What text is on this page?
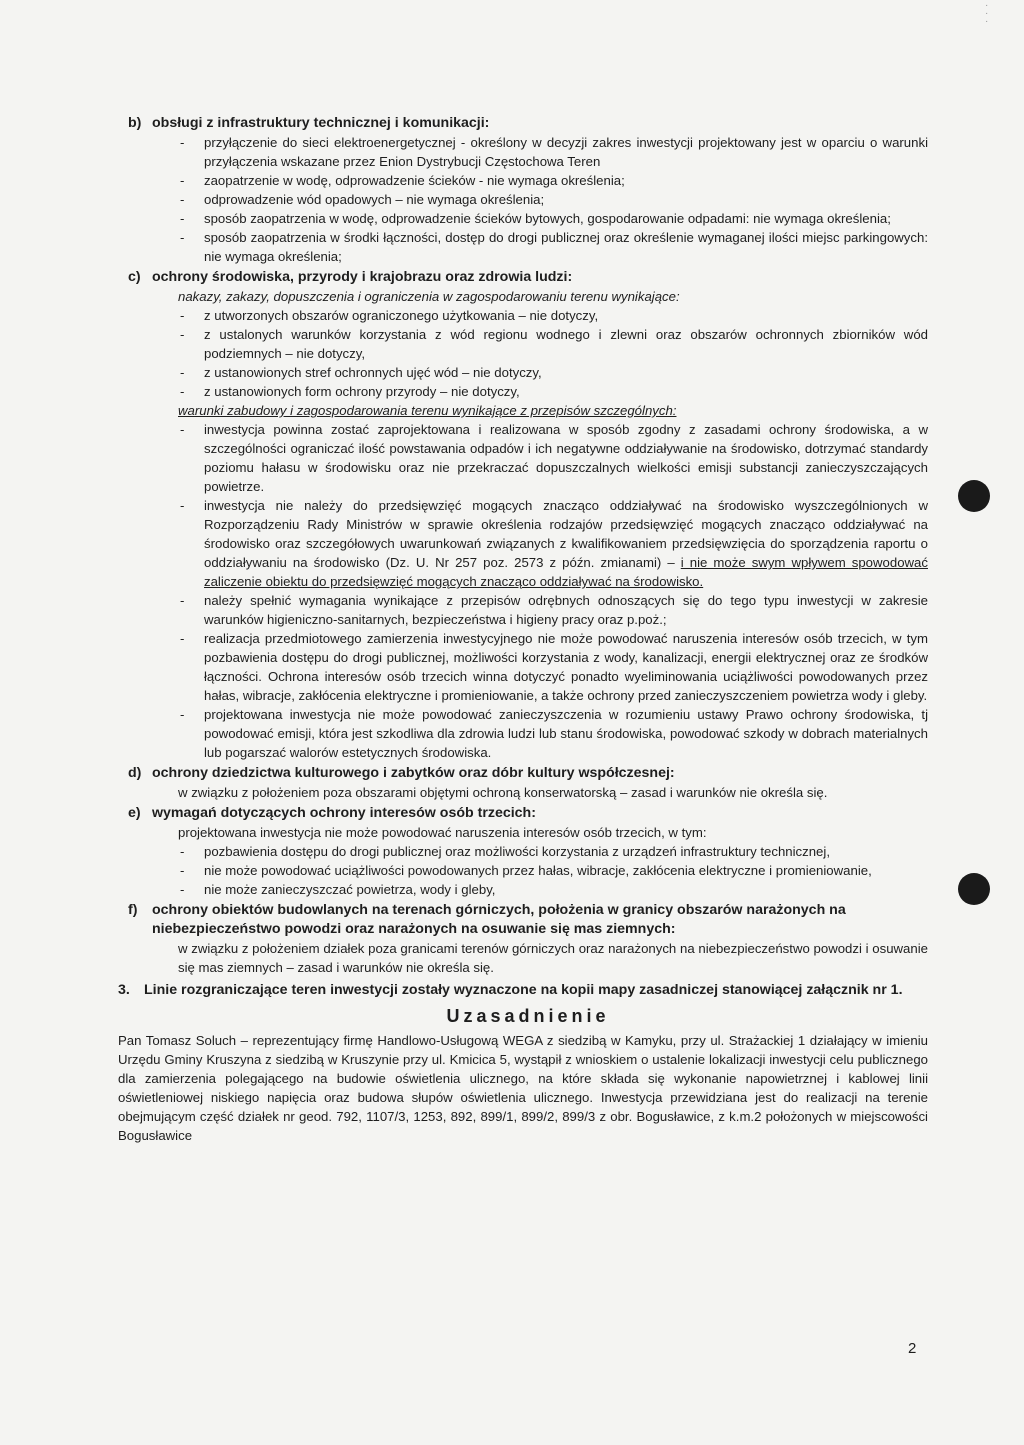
·
·
·
b) obsługi z infrastruktury technicznej i komunikacji:
- przyłączenie do sieci elektroenergetycznej - określony w decyzji zakres inwestycji projektowany jest w oparciu o warunki przyłączenia wskazane przez Enion Dystrybucji Częstochowa Teren
- zaopatrzenie w wodę, odprowadzenie ścieków - nie wymaga określenia;
- odprowadzenie wód opadowych – nie wymaga określenia;
- sposób zaopatrzenia w wodę, odprowadzenie ścieków bytowych, gospodarowanie odpadami: nie wymaga określenia;
- sposób zaopatrzenia w środki łączności, dostęp do drogi publicznej oraz określenie wymaganej ilości miejsc parkingowych: nie wymaga określenia;
c) ochrony środowiska, przyrody i krajobrazu oraz zdrowia ludzi:

nakazy, zakazy, dopuszczenia i ograniczenia w zagospodarowaniu terenu wynikające:

- z utworzonych obszarów ograniczonego użytkowania – nie dotyczy,
- z ustalonych warunków korzystania z wód regionu wodnego i zlewni oraz obszarów ochronnych zbiorników wód podziemnych – nie dotyczy,
- z ustanowionych stref ochronnych ujęć wód – nie dotyczy,
- z ustanowionych form ochrony przyrody – nie dotyczy,

warunki zabudowy i zagospodarowania terenu wynikające z przepisów szczególnych:

- inwestycja powinna zostać zaprojektowana i realizowana w sposób zgodny z zasadami ochrony środowiska, a w szczególności ograniczać ilość powstawania odpadów i ich negatywne oddziaływanie na środowisko, dotrzymać standardy poziomu hałasu w środowisku oraz nie przekraczać dopuszczalnych wielkości emisji substancji zanieczyszczających powietrze.
- inwestycja nie należy do przedsięwzięć mogących znacząco oddziaływać na środowisko wyszczególnionych w Rozporządzeniu Rady Ministrów w sprawie określenia rodzajów przedsięwzięć mogących znacząco oddziaływać na środowisko oraz szczegółowych uwarunkowań związanych z kwalifikowaniem przedsięwzięcia do sporządzenia raportu o oddziaływaniu na środowisko (Dz. U. Nr 257 poz. 2573 z późn. zmianami) – i nie może swym wpływem spowodować zaliczenie obiektu do przedsięwzięć mogących znacząco oddziaływać na środowisko.
- należy spełnić wymagania wynikające z przepisów odrębnych odnoszących się do tego typu inwestycji w zakresie warunków higieniczno-sanitarnych, bezpieczeństwa i higieny pracy oraz p.poż.;
- realizacja przedmiotowego zamierzenia inwestycyjnego nie może powodować naruszenia interesów osób trzecich, w tym pozbawienia dostępu do drogi publicznej, możliwości korzystania z wody, kanalizacji, energii elektrycznej oraz ze środków łączności. Ochrona interesów osób trzecich winna dotyczyć ponadto wyeliminowania uciążliwości powodowanych przez hałas, wibracje, zakłócenia elektryczne i promieniowanie, a także ochrony przed zanieczyszczeniem powietrza wody i gleby.
- projektowana inwestycja nie może powodować zanieczyszczenia w rozumieniu ustawy Prawo ochrony środowiska, tj powodować emisji, która jest szkodliwa dla zdrowia ludzi lub stanu środowiska, powodować szkody w dobrach materialnych lub pogarszać walorów estetycznych środowiska.
d) ochrony dziedzictwa kulturowego i zabytków oraz dóbr kultury współczesnej:

w związku z położeniem poza obszarami objętymi ochroną konserwatorską – zasad i warunków nie określa się.

e) wymagań dotyczących ochrony interesów osób trzecich:

projektowana inwestycja nie może powodować naruszenia interesów osób trzecich, w tym:

- pozbawienia dostępu do drogi publicznej oraz możliwości korzystania z urządzeń infrastruktury technicznej,
- nie może powodować uciążliwości powodowanych przez hałas, wibracje, zakłócenia elektryczne i promieniowanie,
- nie może zanieczyszczać powietrza, wody i gleby,
f)	ochrony obiektów budowlanych na terenach górniczych, położenia w granicy obszarów narażonych na niebezpieczeństwo powodzi oraz narażonych na osuwanie się mas ziemnych:

w związku z położeniem działek poza granicami terenów górniczych oraz narażonych na niebezpieczeństwo powodzi i osuwanie się mas ziemnych – zasad i warunków nie określa się.

3. Linie rozgraniczające teren inwestycji zostały wyznaczone na kopii mapy zasadniczej stanowiącej załącznik nr 1.
Uzasadnienie

Pan Tomasz Soluch – reprezentujący firmę Handlowo-Usługową WEGA z siedzibą w Kamyku, przy ul. Strażackiej 1 działający w imieniu Urzędu Gminy Kruszyna z siedzibą w Kruszynie przy ul. Kmicica 5, wystąpił z wnioskiem o ustalenie lokalizacji inwestycji celu publicznego dla zamierzenia polegającego na budowie oświetlenia ulicznego, na które składa się wykonanie napowietrznej i kablowej linii oświetleniowej niskiego napięcia oraz budowa słupów oświetlenia ulicznego. Inwestycja przewidziana jest do realizacji na terenie obejmującym część działek nr geod. 792, 1107/3, 1253, 892, 899/1, 899/2, 899/3 z obr. Bogusławice, z k.m.2 położonych w miejscowości Bogusławice

2
